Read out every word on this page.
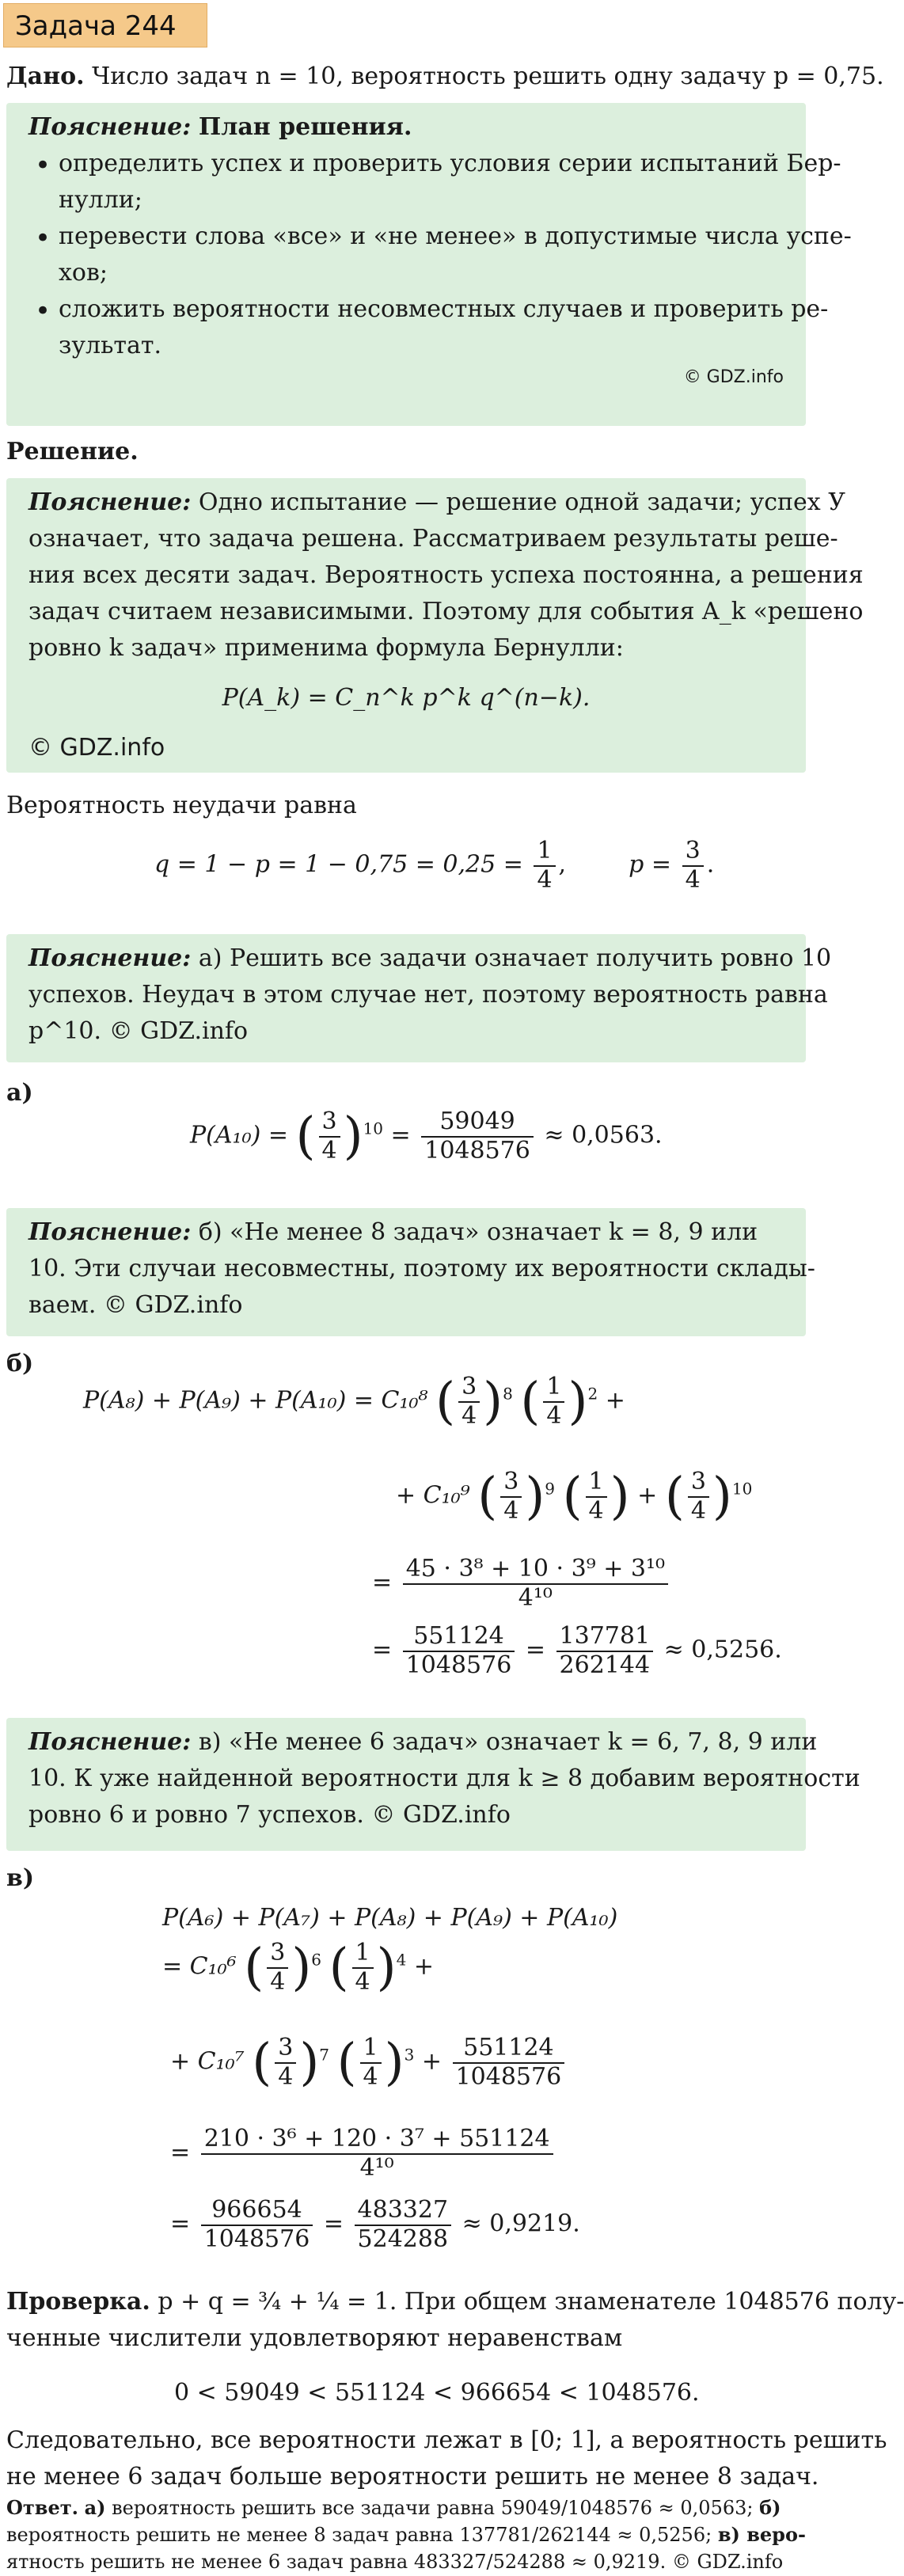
Задача 244
Дано. Число задач n = 10, вероятность решить одну задачу p = 0,75.
Пояснение: План решения.
• определить успех и проверить условия серии испытаний Бер-
нулли;
• перевести слова «все» и «не менее» в допустимые числа успе-
хов;
• сложить вероятности несовместных случаев и проверить ре-
зультат.
© GDZ.info
Решение.
Пояснение: Одно испытание — решение одной задачи; успех У
означает, что задача решена. Рассматриваем результаты реше-
ния всех десяти задач. Вероятность успеха постоянна, а решения
задач считаем независимыми. Поэтому для события A_k «решено
ровно k задач» применима формула Бернулли:
P(A_k) = C_n^k p^k q^(n−k).
© GDZ.info
Вероятность неудачи равна
$q = 1 - p = 1 - 0,75 = 0,25 = \frac{1}{4}$ ,  $p = \frac{3}{4}$ .
Пояснение: а) Решить все задачи означает получить ровно 10
успехов. Неудач в этом случае нет, поэтому вероятность равна
p^10. © GDZ.info
а)
P(A₁₀) = ( $\frac{3}{4} )^{10} = \frac{59049}{1048576} \approx 0,0563$.
Пояснение: б) «Не менее 8 задач» означает k = 8, 9 или
10. Эти случаи несовместны, поэтому их вероятности склады-
ваем. © GDZ.info
б)
P(A₈) + P(A₉) + P(A₁₀) = C₁₀⁸ ( $\frac{3}{4} )^8$ ( $\frac{1}{4} )^2$ +
+ C₁₀⁹ ( $\frac{3}{4} )^9$ ( $\frac{1}{4}$ ) + ( $\frac{3}{4} )^{10}$
= $\frac{\text{45 · 3⁸ + 10 · 3⁹ + 3¹⁰}}{\text{4¹⁰}}$
= $\frac{551124}{1048576} = \frac{137781}{262144} \approx 0,5256$.
Пояснение: в) «Не менее 6 задач» означает k = 6, 7, 8, 9 или
10. К уже найденной вероятности для k ≥ 8 добавим вероятности
ровно 6 и ровно 7 успехов. © GDZ.info
в)
P(A₆) + P(A₇) + P(A₈) + P(A₉) + P(A₁₀)
= C₁₀⁶ ( $\frac{3}{4} )^6$ ( $\frac{1}{4} )^4$ +
+ C₁₀⁷ ( $\frac{3}{4} )^7$ ( $\frac{1}{4} )^3 + \frac{551124}{1048576}$
= $\frac{\text{210 · 3⁶ + 120 · 3⁷ + 551124}}{\text{4¹⁰}}$
= $\frac{966654}{1048576} = \frac{483327}{524288} \approx 0,9219$.
Проверка. p + q = ¾ + ¼ = 1. При общем знаменателе 1048576 полу-
ченные числители удовлетворяют неравенствам
0 < 59049 < 551124 < 966654 < 1048576.
Следовательно, все вероятности лежат в [0; 1], а вероятность решить
не менее 6 задач больше вероятности решить не менее 8 задач.
Ответ. а) вероятность решить все задачи равна 59049/1048576 ≈ 0,0563; б)
вероятность решить не менее 8 задач равна 137781/262144 ≈ 0,5256; в) веро-
ятность решить не менее 6 задач равна 483327/524288 ≈ 0,9219. © GDZ.info
